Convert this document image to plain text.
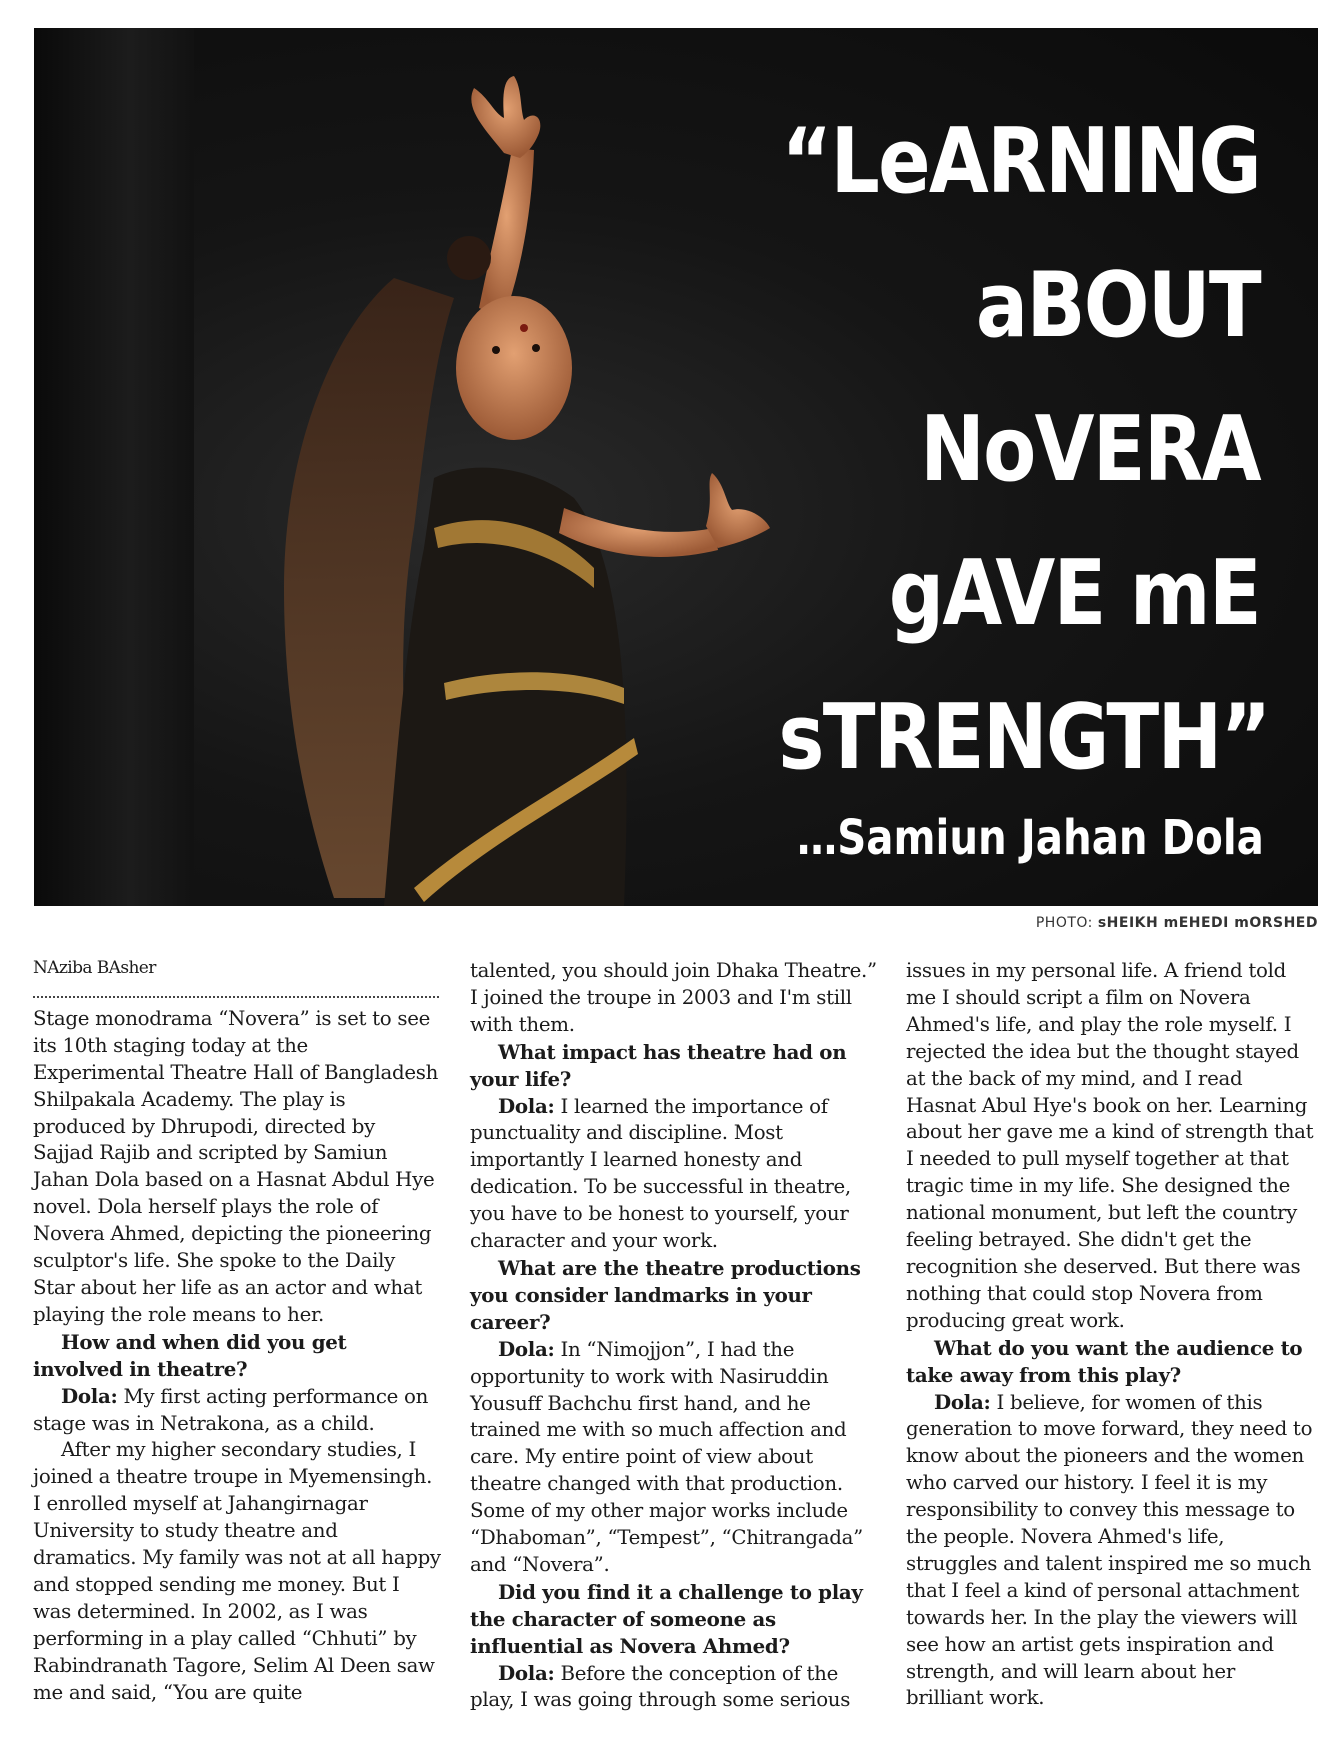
“LeARNING
aBOUT
NoVERA
gAVE mE
sTRENGTH”
…Samiun Jahan Dola
PHOTO: sHEIKH mEHEDI mORSHED
NAziba BAsher

Stage monodrama “Novera” is set to see its 10th staging today at the Experimental Theatre Hall of Bangladesh Shilpakala Academy. The play is produced by Dhrupodi, directed by Sajjad Rajib and scripted by Samiun Jahan Dola based on a Hasnat Abdul Hye novel. Dola herself plays the role of Novera Ahmed, depicting the pioneering sculptor's life. She spoke to the Daily Star about her life as an actor and what playing the role means to her.

How and when did you get involved in theatre?

Dola: My first acting performance on stage was in Netrakona, as a child.

After my higher secondary studies, I joined a theatre troupe in Myemensingh. I enrolled myself at Jahangirnagar University to study theatre and dramatics. My family was not at all happy and stopped sending me money. But I was determined. In 2002, as I was performing in a play called “Chhuti” by Rabindranath Tagore, Selim Al Deen saw me and said, “You are quite

talented, you should join Dhaka Theatre.” I joined the troupe in 2003 and I'm still with them.

What impact has theatre had on your life?

Dola: I learned the importance of punctuality and discipline. Most importantly I learned honesty and dedication. To be successful in theatre, you have to be honest to yourself, your character and your work.

What are the theatre productions you consider landmarks in your career?

Dola: In “Nimojjon”, I had the opportunity to work with Nasiruddin Yousuff Bachchu first hand, and he trained me with so much affection and care. My entire point of view about theatre changed with that production. Some of my other major works include “Dhaboman”, “Tempest”, “Chitrangada” and “Novera”.

Did you find it a challenge to play the character of someone as influential as Novera Ahmed?

Dola: Before the conception of the play, I was going through some serious

issues in my personal life. A friend told me I should script a film on Novera Ahmed's life, and play the role myself. I rejected the idea but the thought stayed at the back of my mind, and I read Hasnat Abul Hye's book on her. Learning about her gave me a kind of strength that I needed to pull myself together at that tragic time in my life. She designed the national monument, but left the country feeling betrayed. She didn't get the recognition she deserved. But there was nothing that could stop Novera from producing great work.

What do you want the audience to take away from this play?

Dola: I believe, for women of this generation to move forward, they need to know about the pioneers and the women who carved our history. I feel it is my responsibility to convey this message to the people. Novera Ahmed's life, struggles and talent inspired me so much that I feel a kind of personal attachment towards her. In the play the viewers will see how an artist gets inspiration and strength, and will learn about her brilliant work.
